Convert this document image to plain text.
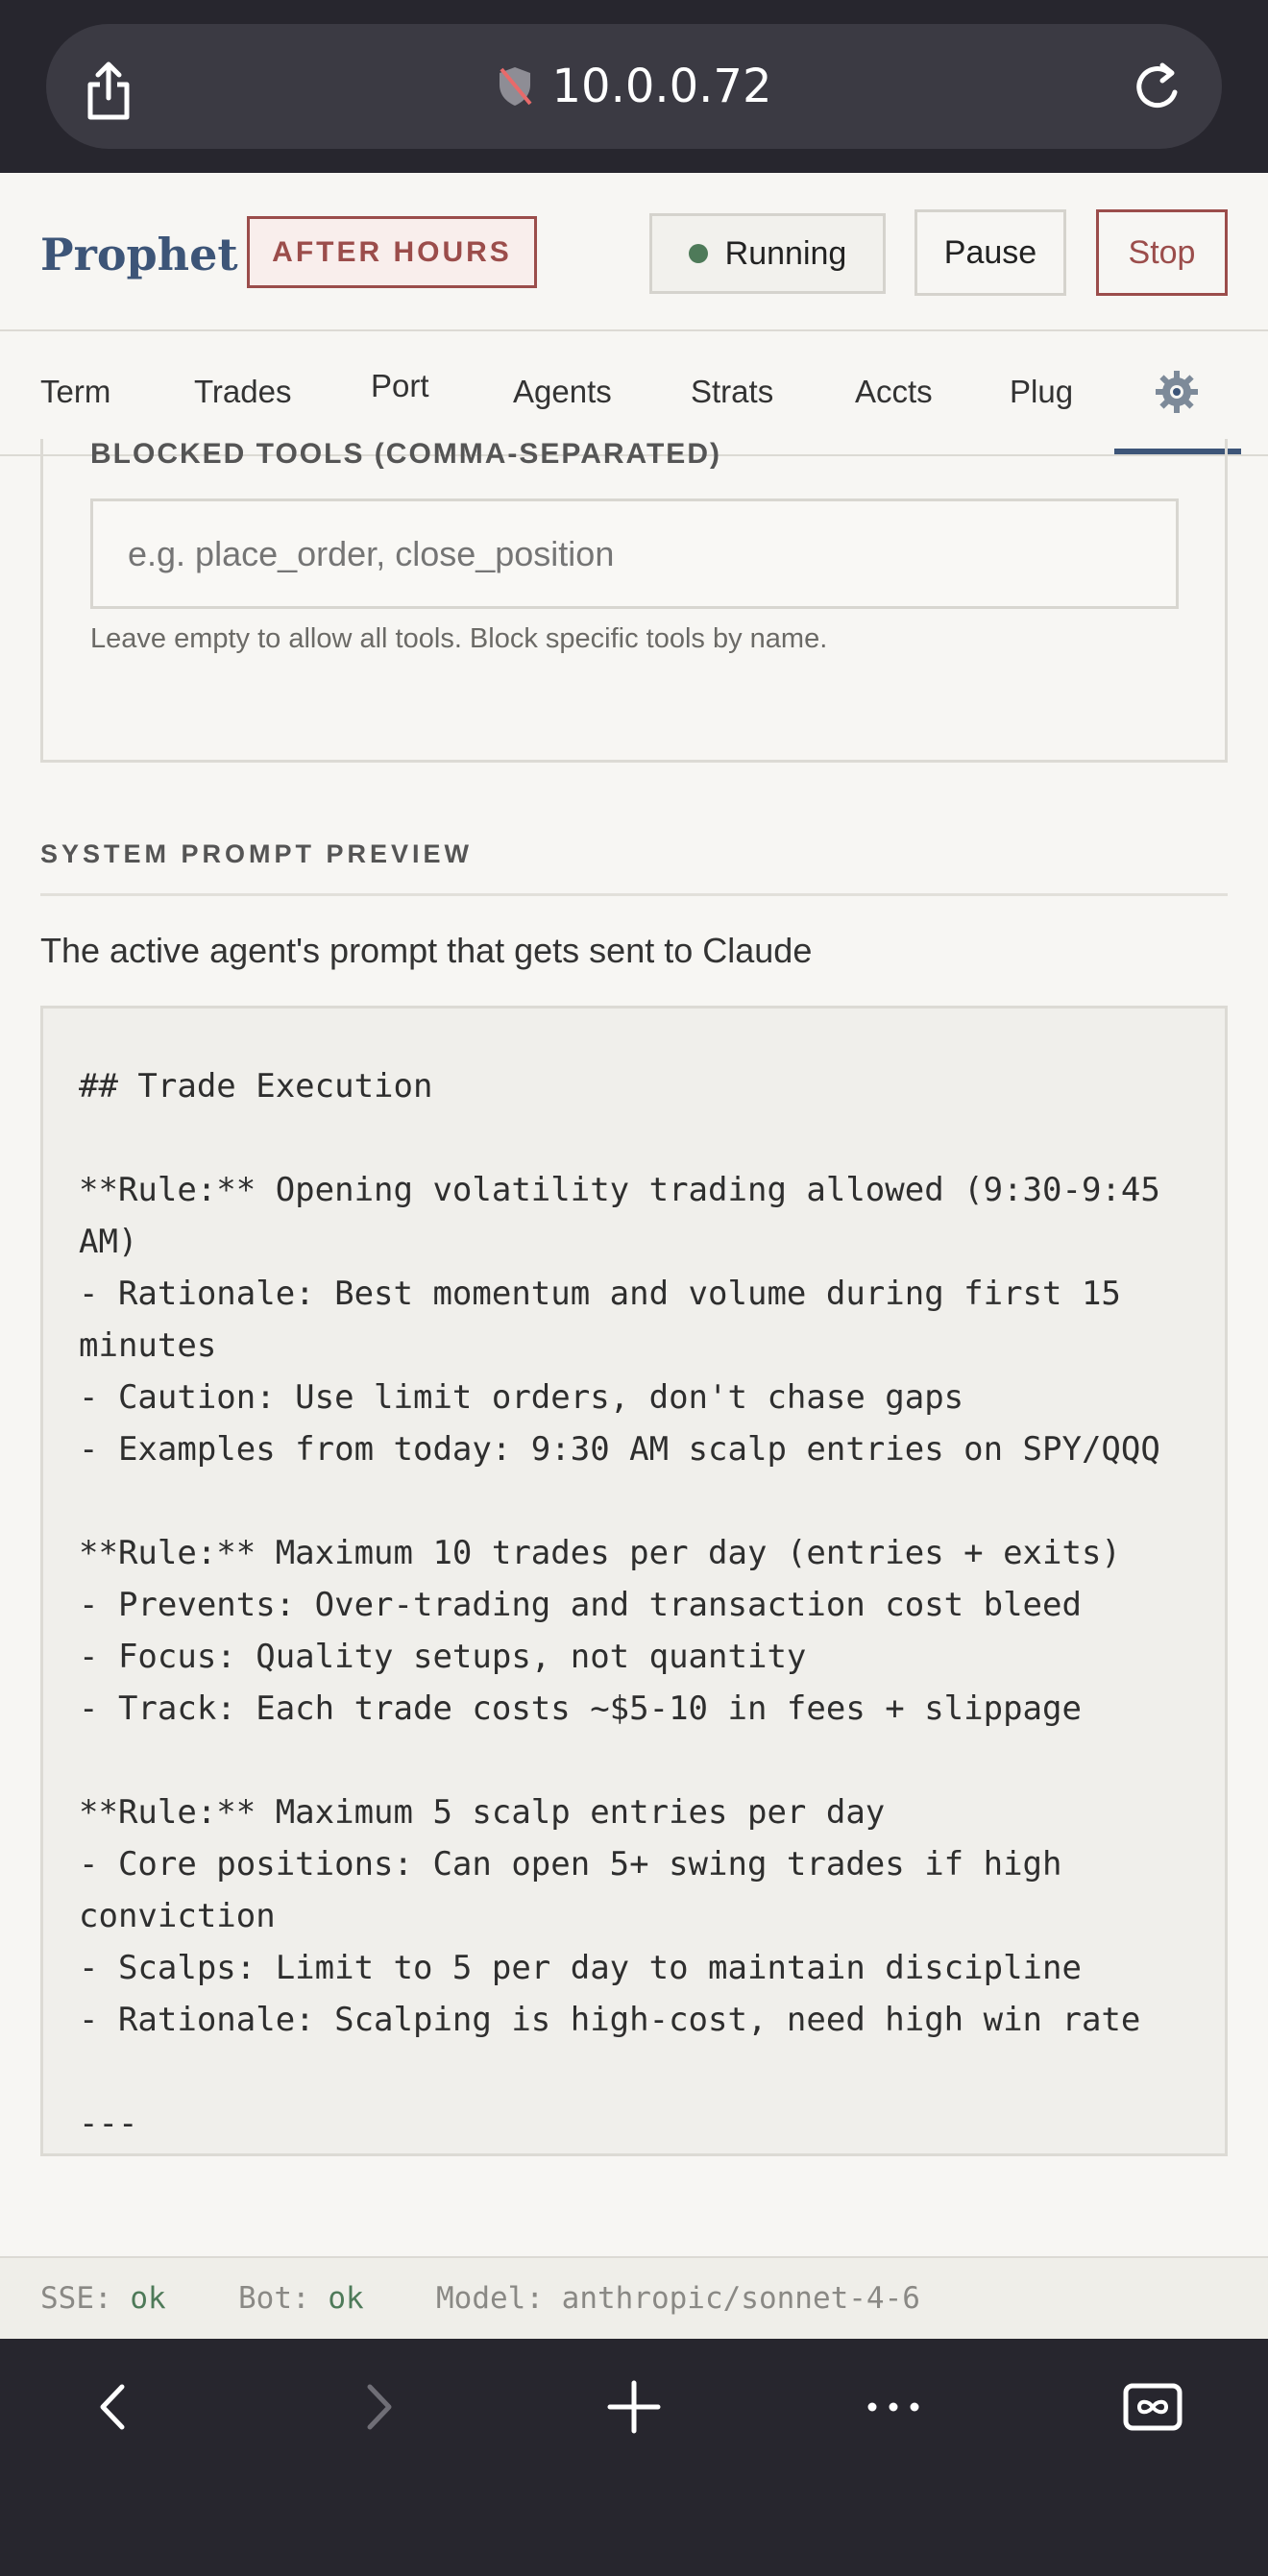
10.0.0.72
Prophet	AFTER HOURS	Running	Pause	Stop
Term	Trades	Port	Agents Strats	Accts Plug
BLOCKED TOOLS (COMMA-SEPARATED)
e.g. place_order, close_position
Leave empty to allow all tools. Block specific tools by name.
SYSTEM PROMPT PREVIEW
The active agent's prompt that gets sent to Claude
## Trade Execution

**Rule:** Opening volatility trading allowed (9:30-9:45 AM)
- Rationale: Best momentum and volume during first 15 minutes
- Caution: Use limit orders, don't chase gaps
- Examples from today: 9:30 AM scalp entries on SPY/QQQ

**Rule:** Maximum 10 trades per day (entries + exits)
- Prevents: Over-trading and transaction cost bleed
- Focus: Quality setups, not quantity
- Track: Each trade costs ~$5-10 in fees + slippage

**Rule:** Maximum 5 scalp entries per day
- Core positions: Can open 5+ swing trades if high conviction
- Scalps: Limit to 5 per day to maintain discipline
- Rationale: Scalping is high-cost, need high win rate

---
SSE: ok Bot: ok Model: anthropic/sonnet-4-6
